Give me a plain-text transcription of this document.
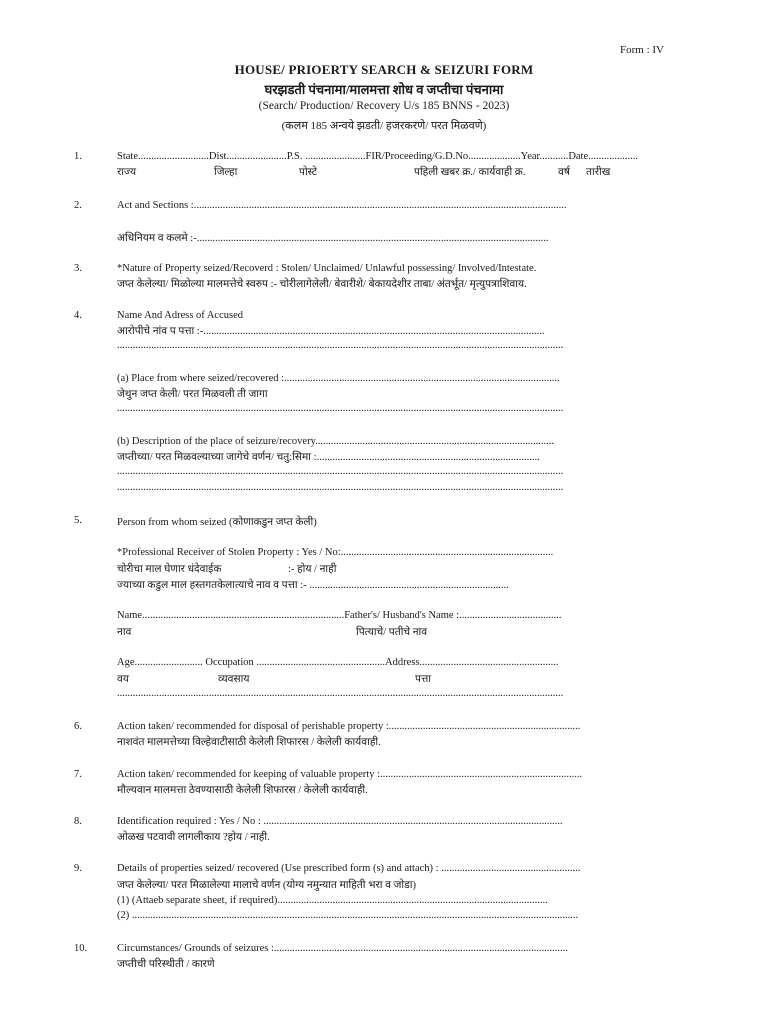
Form : IV
HOUSE/ PRIOERTY SEARCH & SEIZURI FORM
घरझडती पंचनामा/मालमत्ता शोध व जप्तीचा पंचनामा
(Search/ Production/ Recovery U/s 185 BNNS - 2023)
(कलम 185 अन्वये झडती/ हजरकरणे/ परत मिळवणे)
1.	State...........................Dist.......................P.S. .......................FIR/Proceeding/G.D.No....................Year...........Date...................
राज्य	जिल्हा	पोस्टे	पहिली खबर क्र./ कार्यवाही क्र.	वर्ष तारीख
2.	Act and Sections :..............................................................................................................................................
अधिनियम व कलमे :-......................................................................................................................................
3.	*Nature of Property seized/Recoverd : Stolen/ Unclaimed/ Unlawful possessing/ Involved/Intestate.
जप्त केलेल्या/ मिळोल्या मालमत्तेचे स्वरुप :- चोरीलागेलेली/ बेवारीशे/ बेकायदेशीर ताबा/ अंतर्भूत/ मृत्युपत्राशिवाय.
4.	Name And Adress of Accused
आरोपीचे नांव प पत्ता :-..................................................................................................................................
..........................................................................................................................................................................
(a) Place from where seized/recovered :.........................................................................................................
जेथुन जप्त केली/ परत मिळवली ती जागा
..........................................................................................................................................................................
(b) Description of the place of seizure/recovery...........................................................................................
जप्तीच्या/ परत मिळवल्याच्या जागेचे वर्णन/ चतु:सिमा :.....................................................................................
..........................................................................................................................................................................
..........................................................................................................................................................................
5.	Person from whom seized (कोणाकडुन जप्त केली)
*Professional Receiver of Stolen Property : Yes / No:.................................................................................
चोरीचा माल घेणार धंदेवाईक	:- होय / नाही
ज्याच्या कडुल माल हस्तगतकेलात्याचे नाव व पत्ता :- ............................................................................
Name.............................................................................Father's/ Husband's Name :.......................................
नाव	पित्याचे/ पतीचे नाव
Age.......................... Occupation .................................................Address.....................................................
वय	व्यवसाय	पत्ता
..........................................................................................................................................................................
6.	Action taken/ recommended for disposal of perishable property :.........................................................................
नाशवंत मालमत्तेच्या विल्हेवाटीसाठी केलेली शिफारस / केलेली कार्यवाही.
7.	Action taken/ recommended for keeping of valuable property :.............................................................................
मौल्यवान मालमत्ता ठेवण्यासाठी केलेली शिफारस / केलेली कार्यवाही.
8.	Identification required : Yes / No : ..................................................................................................................
ओळख पटवावी लागलीकाय ?होय / नाही.
9.	Details of properties seized/ recovered (Use prescribed form (s) and attach) : .....................................................
जप्त केलेल्या/ परत मिळालेल्या मालाचे वर्णन (योग्य नमुन्यात माहिती भरा व जोडा)
(1) (Attaeb separate sheet, if required).......................................................................................................
(2) ..........................................................................................................................................................................
10.	Circumstances/ Grounds of seizures :................................................................................................................
जप्तीची परिस्थीती / कारणे
